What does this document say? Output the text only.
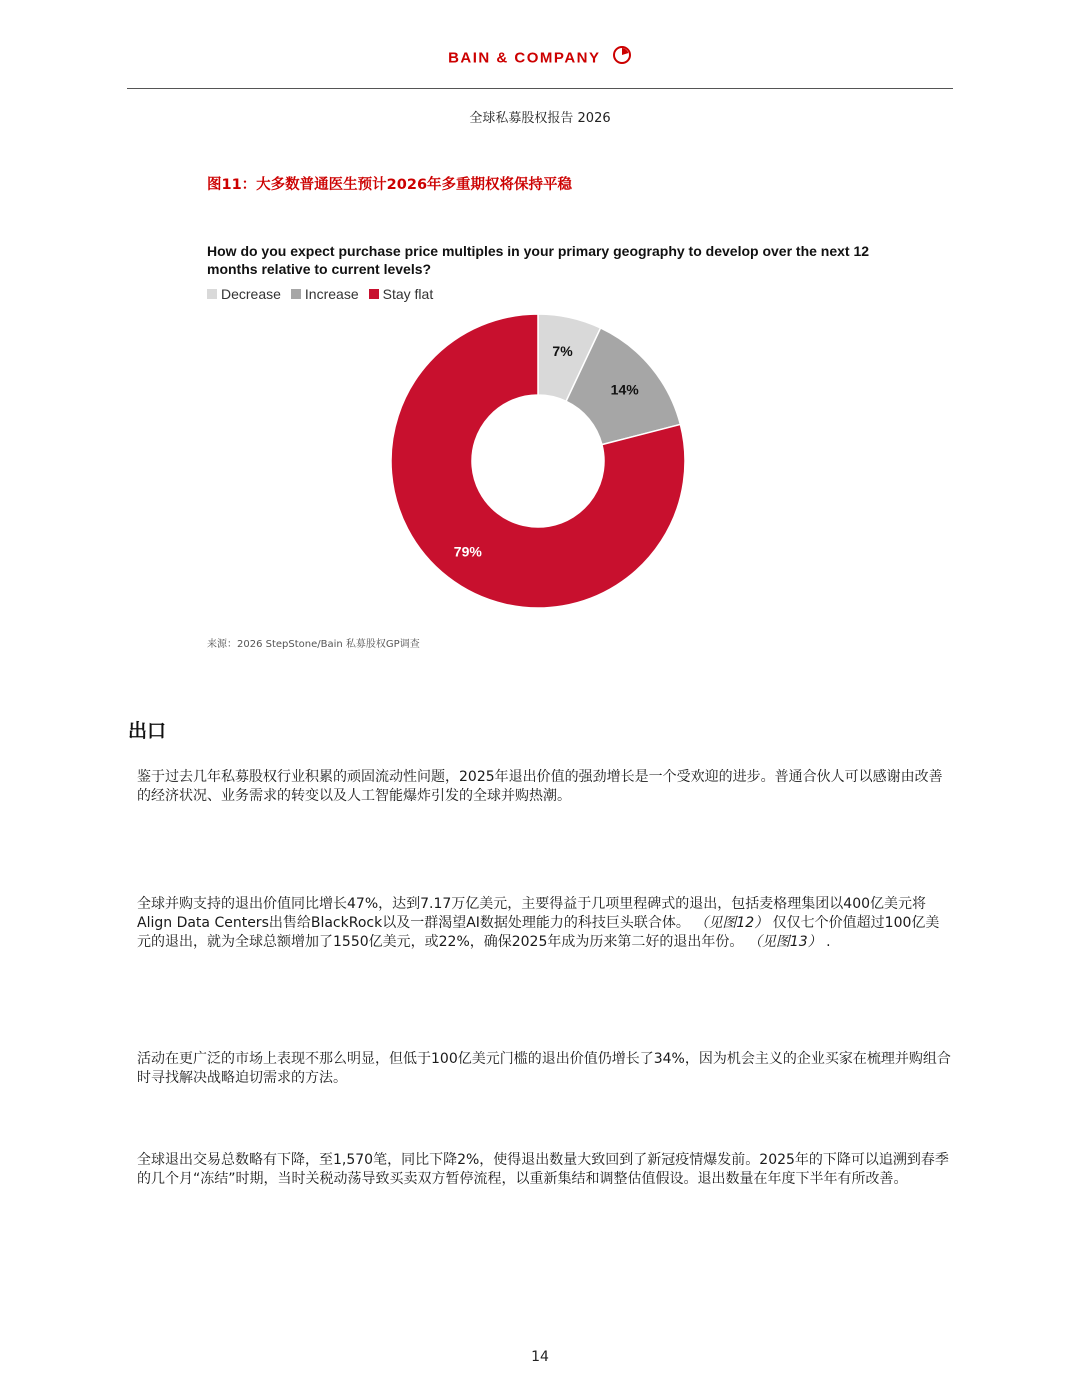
BAIN & COMPANY
全球私募股权报告 2026
图11：大多数普通医生预计2026年多重期权将保持平稳
How do you expect purchase price multiples in your primary geography to develop over the next 12 months relative to current levels?
Decrease Increase Stay flat
7%
14%
79%
来源：2026 StepStone/Bain 私募股权GP调查
出口
鉴于过去几年私募股权行业积累的顽固流动性问题，2025年退出价值的强劲增长是一个受欢迎的进步。普通合伙人可以感谢由改善的经济状况、业务需求的转变以及人工智能爆炸引发的全球并购热潮。
全球并购支持的退出价值同比增长47%，达到7.17万亿美元，主要得益于几项里程碑式的退出，包括麦格理集团以400亿美元将Align Data Centers出售给BlackRock以及一群渴望AI数据处理能力的科技巨头联合体。 （见图12） 仅仅七个价值超过100亿美元的退出，就为全球总额增加了1550亿美元，或22%，确保2025年成为历来第二好的退出年份。 （见图13） .
活动在更广泛的市场上表现不那么明显，但低于100亿美元门槛的退出价值仍增长了34%，因为机会主义的企业买家在梳理并购组合时寻找解决战略迫切需求的方法。
全球退出交易总数略有下降，至1,570笔，同比下降2%，使得退出数量大致回到了新冠疫情爆发前。2025年的下降可以追溯到春季的几个月“冻结”时期，当时关税动荡导致买卖双方暂停流程，以重新集结和调整估值假设。退出数量在年度下半年有所改善。
14
